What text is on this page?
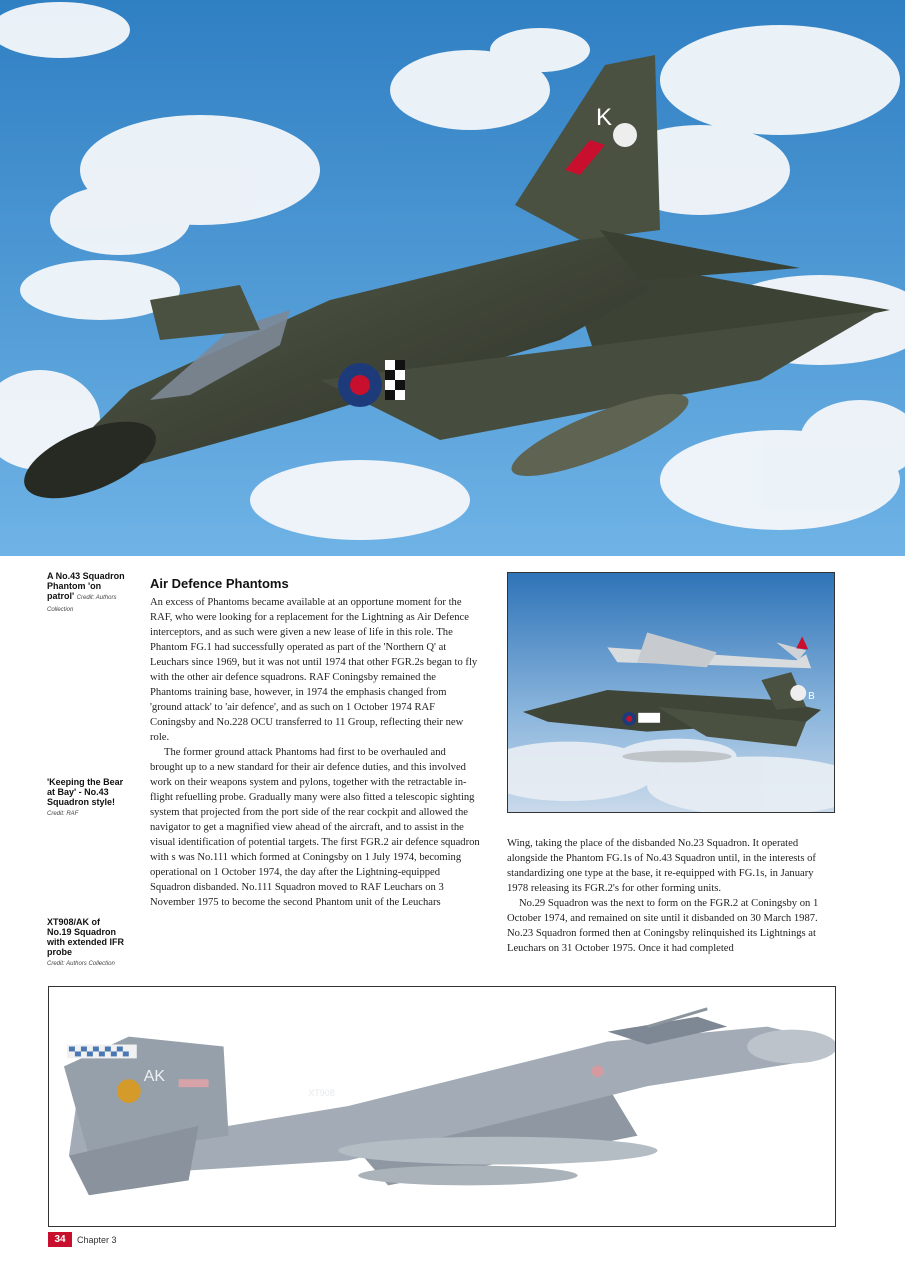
K
A No.43 Squadron Phantom 'on patrol' Credit: Authors Collection
'Keeping the Bear at Bay' - No.43 Squadron style!
Credit: RAF
XT908/AK of No.19 Squadron with extended IFR probe
Credit: Authors Collection
Air Defence Phantoms

An excess of Phantoms became available at an opportune moment for the RAF, who were looking for a replacement for the Lightning as Air Defence interceptors, and as such were given a new lease of life in this role. The Phantom FG.1 had successfully operated as part of the 'Northern Q' at Leuchars since 1969, but it was not until 1974 that other FGR.2s began to fly with the other air defence squadrons. RAF Coningsby remained the Phantoms training base, however, in 1974 the emphasis changed from 'ground attack' to 'air defence', and as such on 1 October 1974 RAF Coningsby and No.228 OCU transferred to 11 Group, reflecting their new role.

The former ground attack Phantoms had first to be overhauled and brought up to a new standard for their air defence duties, and this involved work on their weapons system and pylons, together with the retractable in-flight refuelling probe. Gradually many were also fitted a telescopic sighting system that projected from the port side of the rear cockpit and allowed the navigator to get a magnified view ahead of the aircraft, and to assist in the visual identification of potential targets. The first FGR.2 air defence squadron with s was No.111 which formed at Coningsby on 1 July 1974, becoming operational on 1 October 1974, the day after the Lightning-equipped Squadron disbanded. No.111 Squadron moved to RAF Leuchars on 3 November 1975 to become the second Phantom unit of the Leuchars

B

Wing, taking the place of the disbanded No.23 Squadron. It operated alongside the Phantom FG.1s of No.43 Squadron until, in the interests of standardizing one type at the base, it re-equipped with FG.1s, in January 1978 releasing its FGR.2's for other forming units.

No.29 Squadron was the next to form on the FGR.2 at Coningsby on 1 October 1974, and remained on site until it disbanded on 30 March 1987. No.23 Squadron formed then at Coningsby relinquished its Lightnings at Leuchars on 31 October 1975. Once it had completed

AK
XT908
34	Chapter 3
